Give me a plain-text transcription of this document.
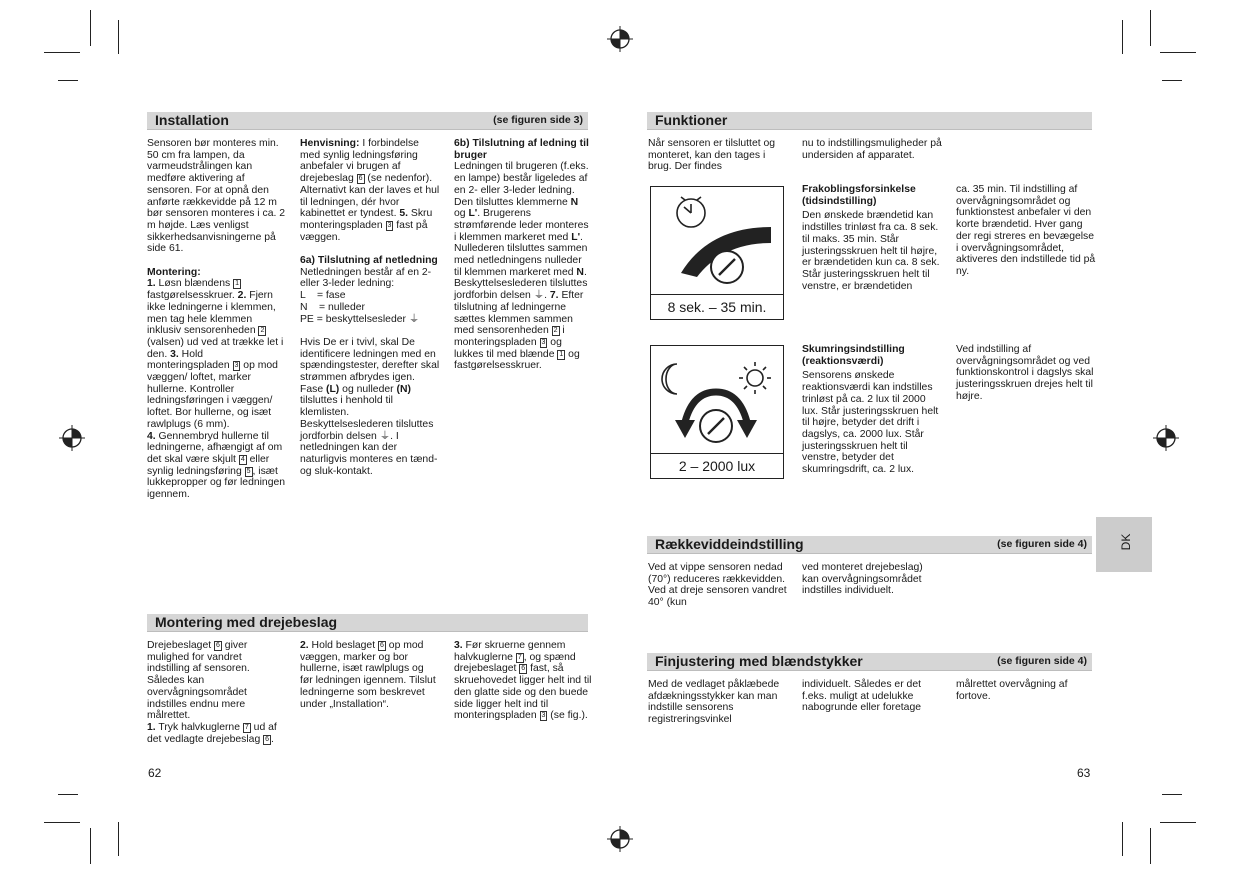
Installation	(se figuren side 3)

Sensoren bør monteres min. 50 cm fra lampen, da varmeudstrålingen kan medføre aktivering af sensoren. For at opnå den anførte rækkevidde på 12 m bør sensoren monteres i ca. 2 m højde. Læs venligst sikkerhedsanvisningerne på side 61.

Montering:

1. Løsn blændens 1 fastgørelsesskruer. 2. Fjern ikke ledningerne i klemmen, men tag hele klemmen inklusiv sensorenheden 2 (valsen) ud ved at trække let i den. 3. Hold monteringspladen 3 op mod væggen/ loftet, marker hullerne. Kontroller ledningsføringen i væggen/ loftet. Bor hullerne, og isæt rawlplugs (6 mm).
4. Gennembryd hullerne til ledningerne, afhængigt af om det skal være skjult 4 eller synlig ledningsføring 5 , isæt lukkepropper og før ledningen igennem.

Henvisning: I forbindelse med synlig ledningsføring anbefaler vi brugen af drejebeslag 6 (se nedenfor). Alternativt kan der laves et hul til ledningen, dér hvor kabinettet er tyndest. 5. Skru monteringspladen 3 fast på væggen.

6a) Tilslutning af netledning

Netledningen består af en 2- eller 3-leder ledning:

L    = fase

N    = nulleder

PE = beskyttelsesleder ⏚

Hvis De er i tvivl, skal De identificere ledningen med en spændingstester, derefter skal strømmen afbrydes igen. Fase (L) og nulleder (N) tilsluttes i henhold til klemlisten. Beskyttelseslederen tilsluttes jordforbin delsen ⏚. I netledningen kan der naturligvis monteres en tænd- og sluk-kontakt.

6b) Tilslutning af ledning til bruger

Ledningen til brugeren (f.eks. en lampe) består ligeledes af en 2- eller 3-leder ledning. Den tilsluttes klemmerne N og L'. Brugerens strømførende leder monteres i klemmen markeret med L'. Nullederen tilsluttes sammen med netledningens nulleder til klemmen markeret med N. Beskyttelseslederen tilsluttes jordforbin delsen ⏚. 7. Efter tilslutning af ledningerne sættes klemmen sammen med sensorenheden 2 i monteringspladen 3 og lukkes til med blænde 1 og fastgørelsesskruer.

Montering med drejebeslag

Drejebeslaget 6 giver mulighed for vandret indstilling af sensoren. Således kan overvågningsområdet indstilles endnu mere målrettet.
1. Tryk halvkuglerne 7 ud af det vedlagte drejebeslag 6 .

2. Hold beslaget 6 op mod væggen, marker og bor hullerne, isæt rawlplugs og før ledningen igennem. Tilslut ledningerne som beskrevet under „Installation“.

3. Før skruerne gennem halvkuglerne 7 , og spænd drejebeslaget 6 fast, så skruehovedet ligger helt ind til den glatte side og den buede side ligger helt ind til monteringspladen 3 (se fig.).

62
Funktioner
Når sensoren er tilsluttet og monteret, kan den tages i brug. Der findes
nu to indstillingsmuligheder på undersiden af apparatet.
8 sek. – 35 min.

Frakoblingsforsinkelse (tidsindstilling)

Den ønskede brændetid kan indstilles trinløst fra ca. 8 sek. til maks. 35 min. Står justeringsskruen helt til højre, er brændetiden kun ca. 8 sek. Står justeringsskruen helt til venstre, er brændetiden

ca. 35 min. Til indstilling af overvågningsområdet og funktionstest anbefaler vi den korte brændetid. Hver gang der regi streres en bevægelse i overvågningsområdet, aktiveres den indstillede tid på ny.
2 – 2000 lux

Skumringsindstilling (reaktionsværdi)

Sensorens ønskede reaktionsværdi kan indstilles trinløst på ca. 2 lux til 2000 lux. Står justeringsskruen helt til højre, betyder det drift i dagslys, ca. 2000 lux. Står justeringsskruen helt til venstre, betyder det skumringsdrift, ca. 2 lux.

Ved indstilling af overvågningsområdet og ved funktionskontrol i dagslys skal justeringsskruen drejes helt til højre.
Rækkeviddeindstilling	(se figuren side 4)
Ved at vippe sensoren nedad (70°) reduceres rækkevidden. Ved at dreje sensoren vandret 40° (kun
ved monteret drejebeslag) kan overvågningsområdet indstilles individuelt.
Finjustering med blændstykker	(se figuren side 4)
Med de vedlaget påklæbede afdækningsstykker kan man indstille sensorens registreringsvinkel
individuelt. Således er det f.eks. muligt at udelukke nabogrunde eller foretage
målrettet overvågning af fortove.
DK
63
